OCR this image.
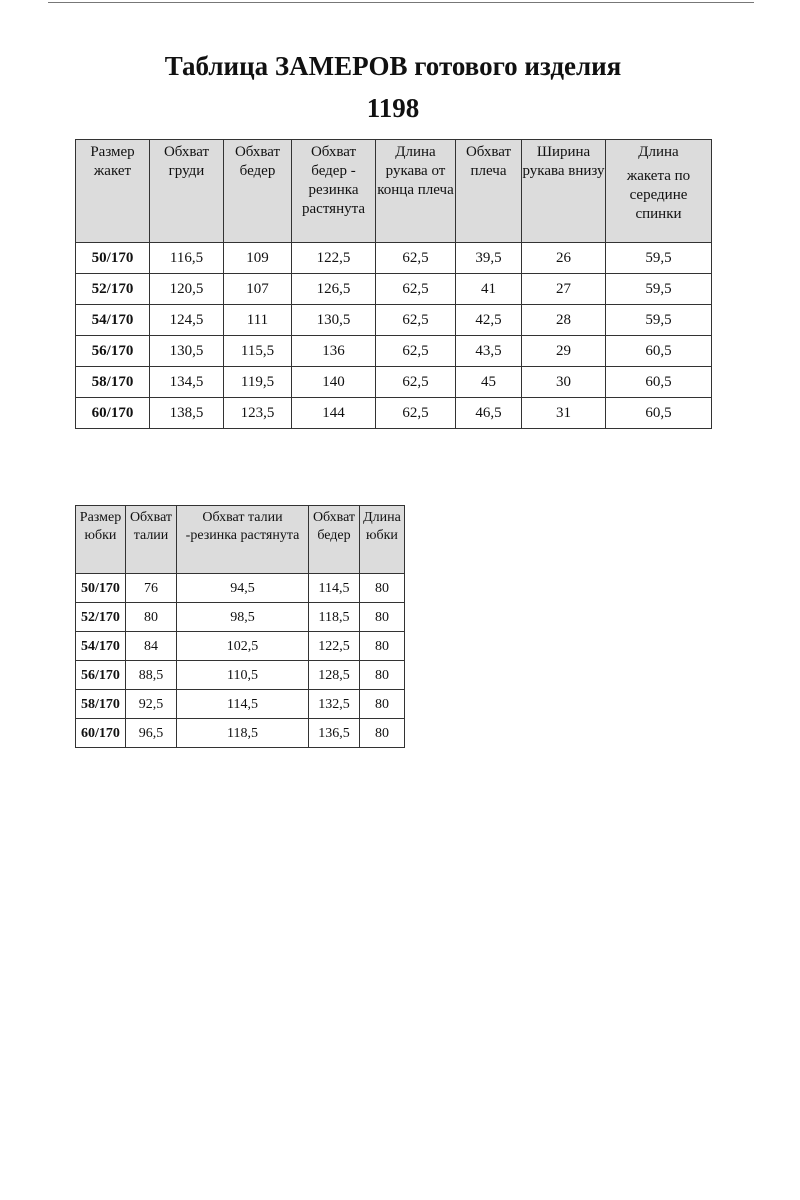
Таблица ЗАМЕРОВ готового изделия
1198
Размер жакет	Обхват груди	Обхват бедер	Обхват бедер - резинка растянута	Длина рукава от конца плеча	Обхват плеча	Ширина рукава внизу	Длина
жакета по середине спинки

50/170	116,5	109	122,5	62,5	39,5	26	59,5
52/170	120,5	107	126,5	62,5	41	27	59,5
54/170	124,5	111	130,5	62,5	42,5	28	59,5
56/170	130,5	115,5	136	62,5	43,5	29	60,5
58/170	134,5	119,5	140	62,5	45	30	60,5
60/170	138,5	123,5	144	62,5	46,5	31	60,5
Размер юбки	Обхват талии	Обхват талии -резинка растянута	Обхват бедер	Длина юбки
50/170	76	94,5	114,5	80
52/170	80	98,5	118,5	80
54/170	84	102,5	122,5	80
56/170	88,5	110,5	128,5	80
58/170	92,5	114,5	132,5	80
60/170	96,5	118,5	136,5	80
